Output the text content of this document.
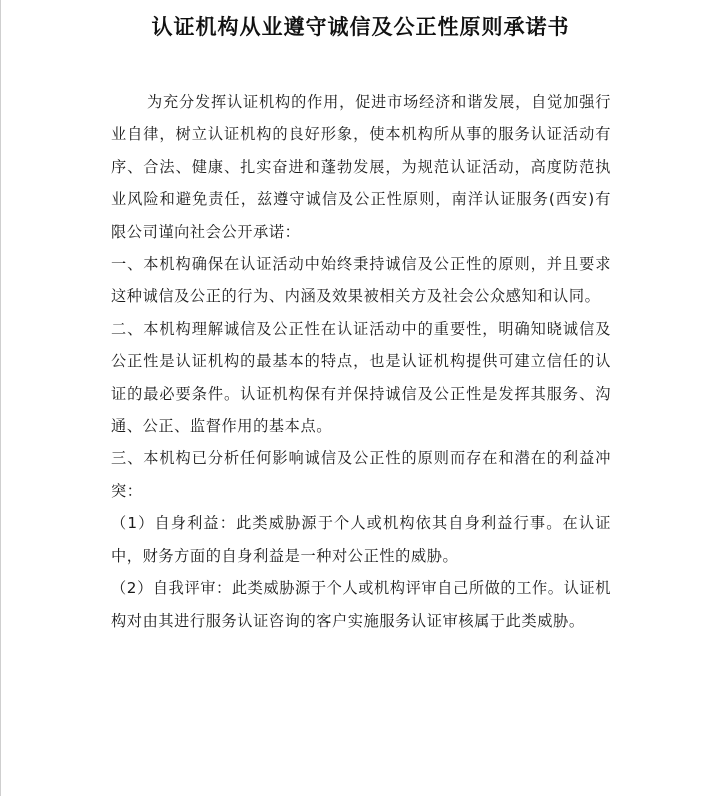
认证机构从业遵守诚信及公正性原则承诺书

为充分发挥认证机构的作用，促进市场经济和谐发展，自觉加强行业自律，树立认证机构的良好形象，使本机构所从事的服务认证活动有序、合法、健康、扎实奋进和蓬勃发展，为规范认证活动，高度防范执业风险和避免责任，兹遵守诚信及公正性原则，南洋认证服务(西安)有限公司谨向社会公开承诺：

一、本机构确保在认证活动中始终秉持诚信及公正性的原则，并且要求这种诚信及公正的行为、内涵及效果被相关方及社会公众感知和认同。

二、本机构理解诚信及公正性在认证活动中的重要性，明确知晓诚信及公正性是认证机构的最基本的特点，也是认证机构提供可建立信任的认证的最必要条件。认证机构保有并保持诚信及公正性是发挥其服务、沟通、公正、监督作用的基本点。

三、本机构已分析任何影响诚信及公正性的原则而存在和潜在的利益冲突：

（1）自身利益：此类威胁源于个人或机构依其自身利益行事。在认证中，财务方面的自身利益是一种对公正性的威胁。

（2）自我评审：此类威胁源于个人或机构评审自己所做的工作。认证机构对由其进行服务认证咨询的客户实施服务认证审核属于此类威胁。
